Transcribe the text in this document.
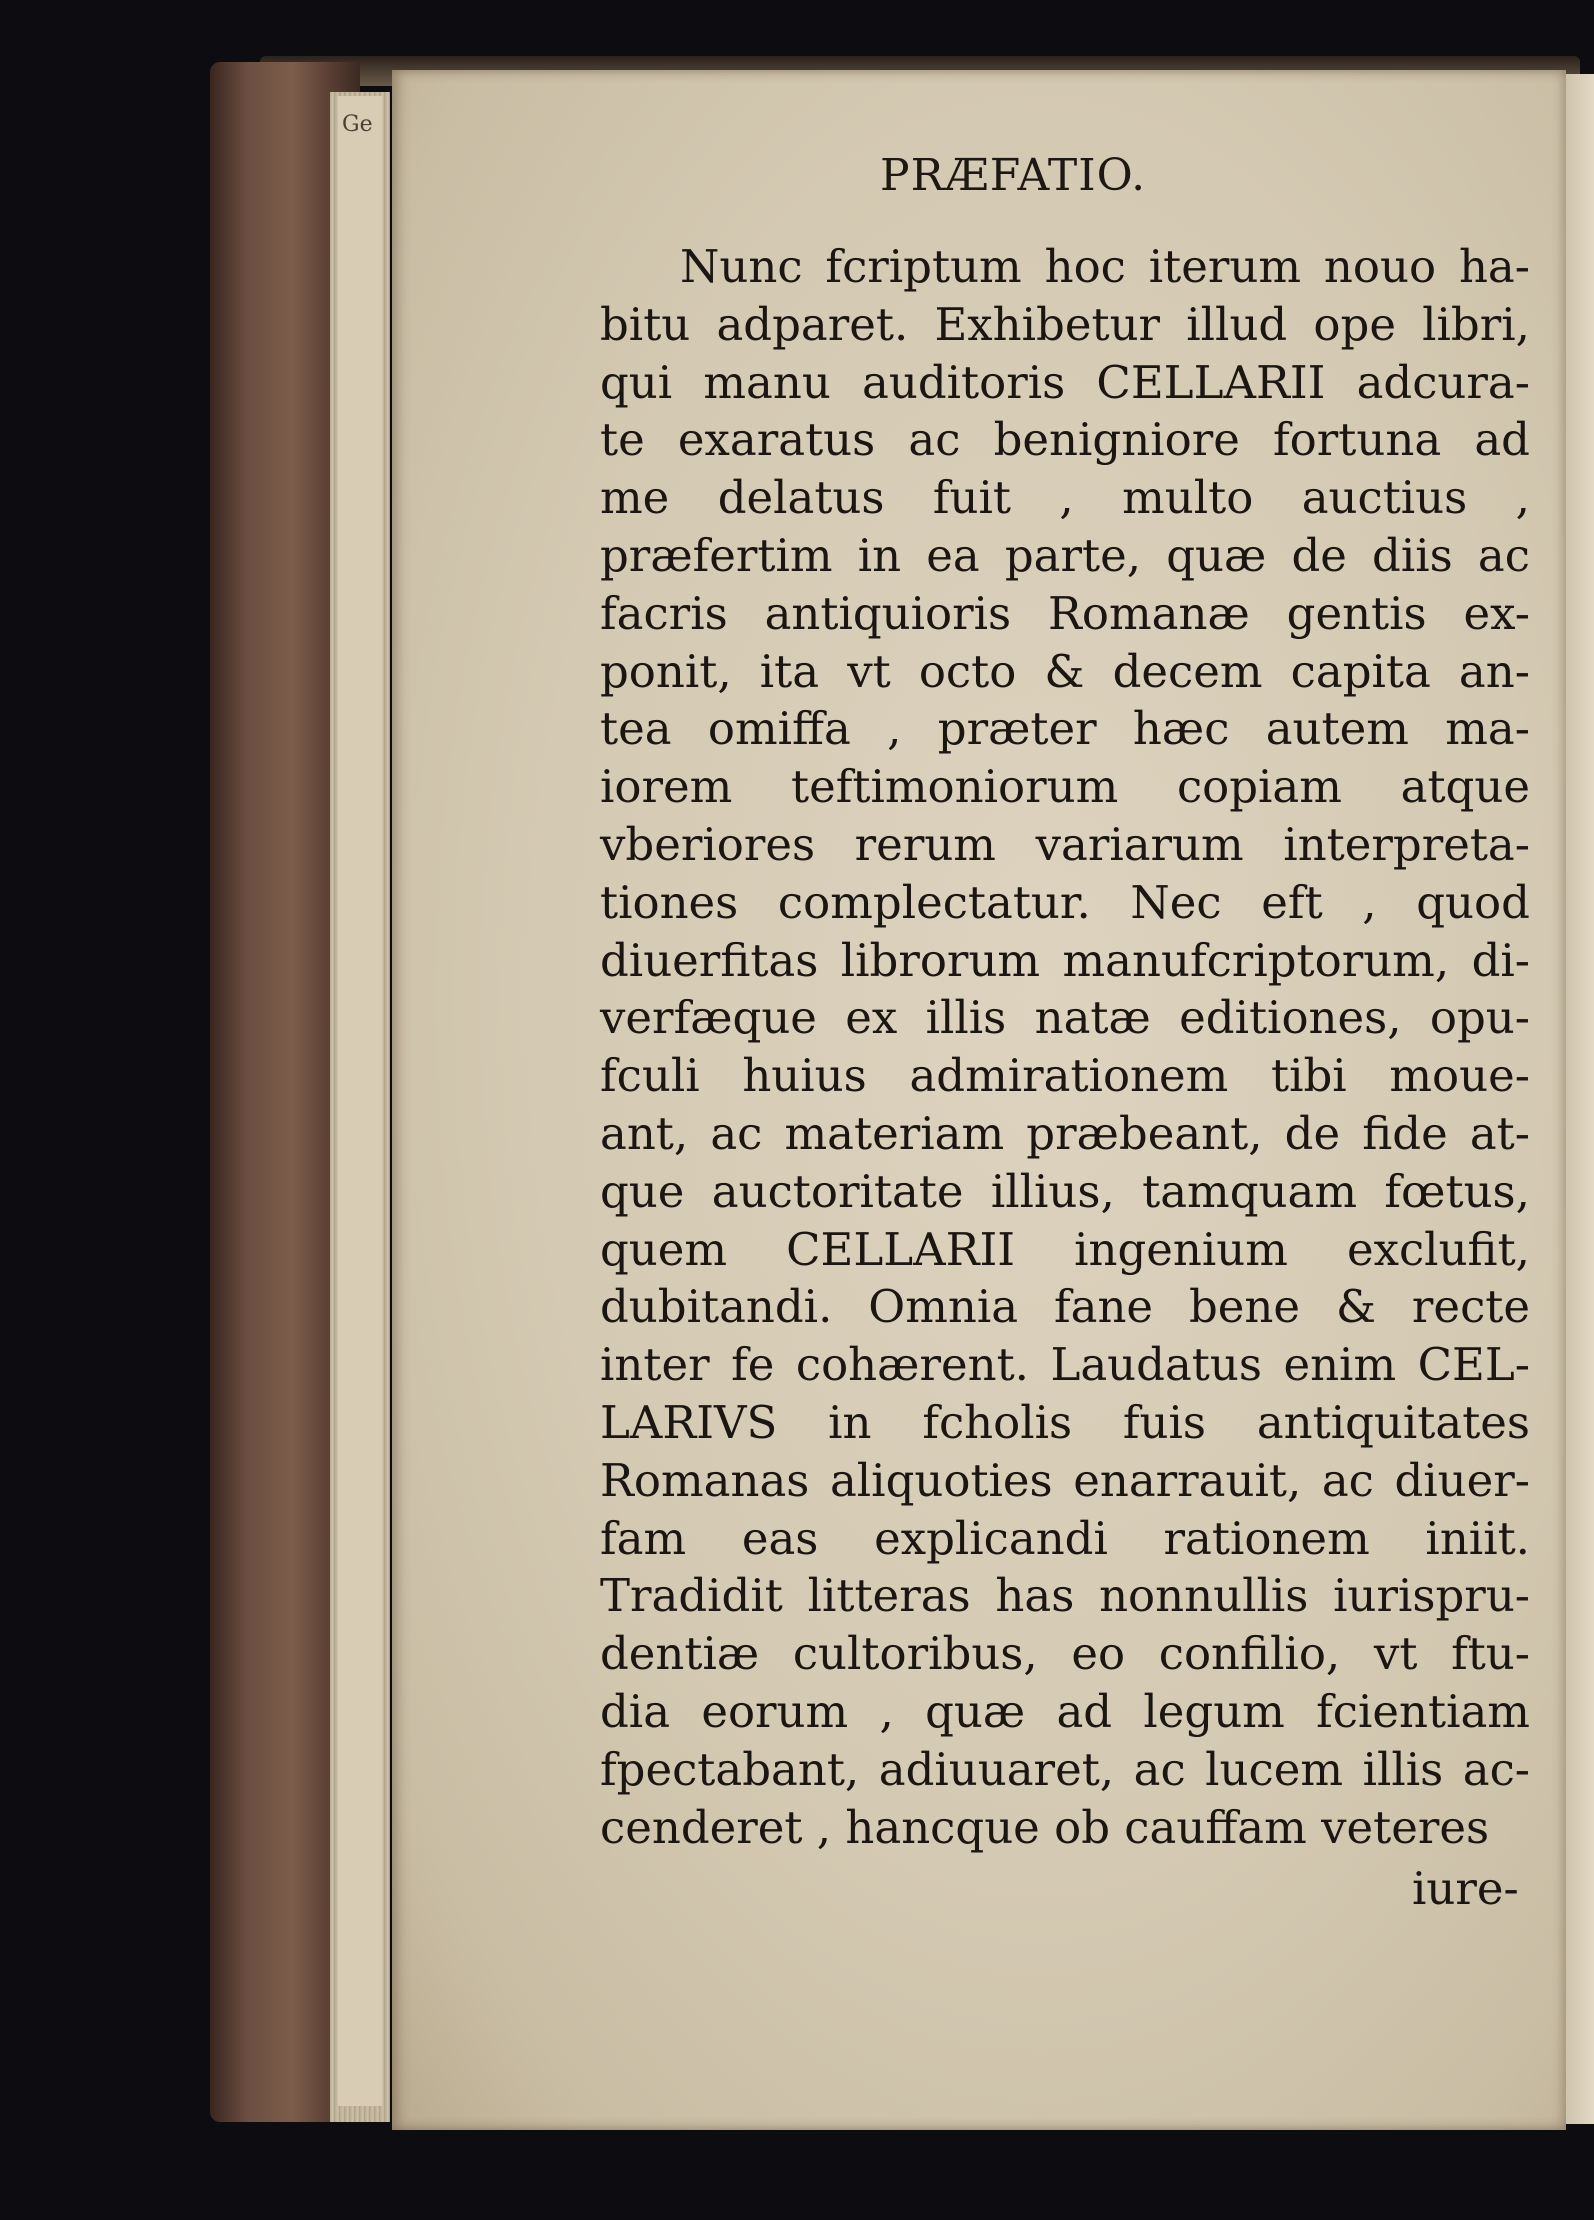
Ge
PRÆFATIO.
Nunc fcriptum hoc iterum nouo ha-
bitu adparet. Exhibetur illud ope libri,
qui manu auditoris CELLARII adcura-
te exaratus ac benigniore fortuna ad
me delatus fuit , multo auctius ,
præfertim in ea parte, quæ de diis ac
facris antiquioris Romanæ gentis ex-
ponit, ita vt octo & decem capita an-
tea omiffa , præter hæc autem ma-
iorem teftimoniorum copiam atque
vberiores rerum variarum interpreta-
tiones complectatur. Nec eft , quod
diuerfitas librorum manufcriptorum, di-
verfæque ex illis natæ editiones, opu-
fculi huius admirationem tibi moue-
ant, ac materiam præbeant, de fide at-
que auctoritate illius, tamquam fœtus,
quem CELLARII ingenium exclufit,
dubitandi. Omnia fane bene & recte
inter fe cohærent. Laudatus enim CEL-
LARIVS in fcholis fuis antiquitates
Romanas aliquoties enarrauit, ac diuer-
fam eas explicandi rationem iniit.
Tradidit litteras has nonnullis iurispru-
dentiæ cultoribus, eo confilio, vt ftu-
dia eorum , quæ ad legum fcientiam
fpectabant, adiuuaret, ac lucem illis ac-
cenderet , hancque ob cauffam veteres
iure-
